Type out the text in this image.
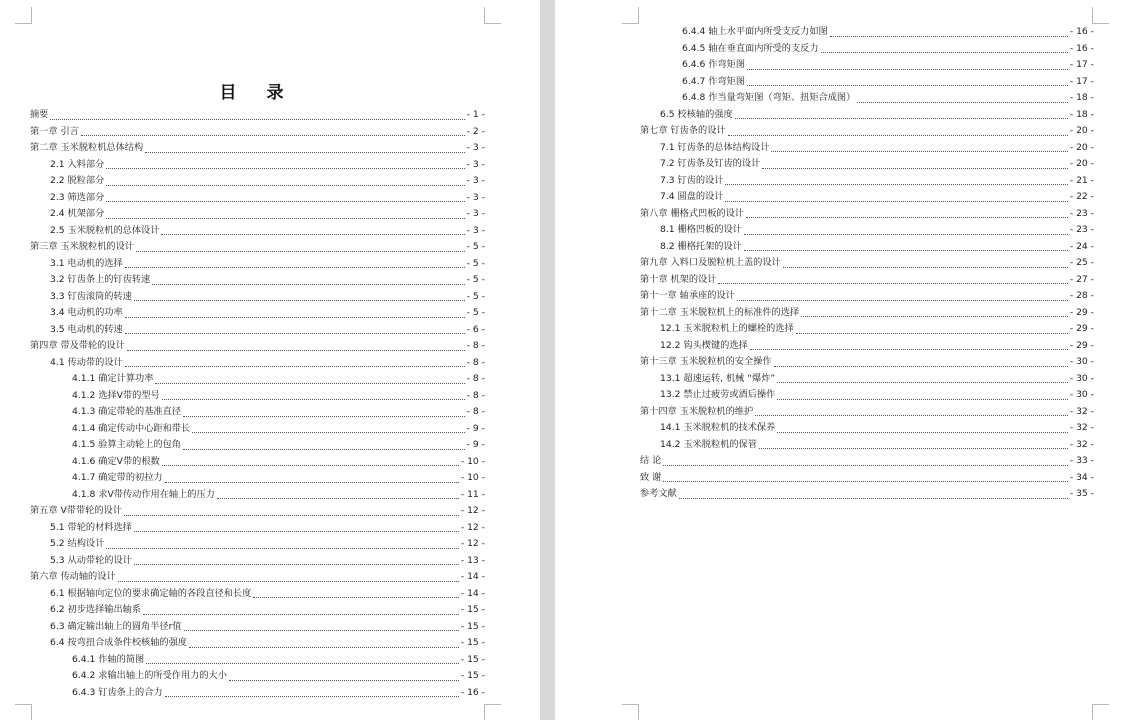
目 录
摘要	- 1 -
第一章 引言	- 2 -
第二章 玉米脱粒机总体结构	- 3 -
2.1 入料部分	- 3 -
2.2 脱粒部分	- 3 -
2.3 筛选部分	- 3 -
2.4 机架部分	- 3 -
2.5 玉米脱粒机的总体设计	- 3 -
第三章 玉米脱粒机的设计	- 5 -
3.1 电动机的选择	- 5 -
3.2 钉齿条上的钉齿转速	- 5 -
3.3 钉齿滚筒的转速	- 5 -
3.4 电动机的功率	- 5 -
3.5 电动机的转速	- 6 -
第四章 带及带轮的设计	- 8 -
4.1 传动带的设计	- 8 -
4.1.1 确定计算功率	- 8 -
4.1.2 选择V带的型号	- 8 -
4.1.3 确定带轮的基准直径	- 8 -
4.1.4 确定传动中心距和带长	- 9 -
4.1.5 验算主动轮上的包角	- 9 -
4.1.6 确定V带的根数	- 10 -
4.1.7 确定带的初拉力	- 10 -
4.1.8 求V带传动作用在轴上的压力	- 11 -
第五章 V带带轮的设计	- 12 -
5.1 带轮的材料选择	- 12 -
5.2 结构设计	- 12 -
5.3 从动带轮的设计	- 13 -
第六章 传动轴的设计	- 14 -
6.1 根据轴向定位的要求确定轴的各段直径和长度	- 14 -
6.2 初步选择输出轴系	- 15 -
6.3 确定输出轴上的圆角半径r值	- 15 -
6.4 按弯扭合成条件校核轴的强度	- 15 -
6.4.1 作轴的简图	- 15 -
6.4.2 求输出轴上的所受作用力的大小	- 15 -
6.4.3 钉齿条上的合力	- 16 -
6.4.4 轴上水平面内所受支反力如图	- 16 -
6.4.5 轴在垂直面内所受的支反力	- 16 -
6.4.6 作弯矩图	- 17 -
6.4.7 作弯矩图	- 17 -
6.4.8 作当量弯矩图（弯矩、扭矩合成图）	- 18 -
6.5 校核轴的强度	- 18 -
第七章 钉齿条的设计	- 20 -
7.1 钉齿条的总体结构设计	- 20 -
7.2 钉齿条及钉齿的设计	- 20 -
7.3 钉齿的设计	- 21 -
7.4 圆盘的设计	- 22 -
第八章 栅格式凹板的设计	- 23 -
8.1 栅格凹板的设计	- 23 -
8.2 栅格托架的设计	- 24 -
第九章 入料口及脱粒机上盖的设计	- 25 -
第十章 机架的设计	- 27 -
第十一章 轴承座的设计	- 28 -
第十二章 玉米脱粒机上的标准件的选择	- 29 -
12.1 玉米脱粒机上的螺栓的选择	- 29 -
12.2 钩头楔键的选择	- 29 -
第十三章 玉米脱粒机的安全操作	- 30 -
13.1 超速运转, 机械 “爆炸”	- 30 -
13.2 禁止过疲劳或酒后操作	- 30 -
第十四章 玉米脱粒机的维护	- 32 -
14.1 玉米脱粒机的技术保养	- 32 -
14.2 玉米脱粒机的保管	- 32 -
结 论	- 33 -
致 谢	- 34 -
参考文献	- 35 -
